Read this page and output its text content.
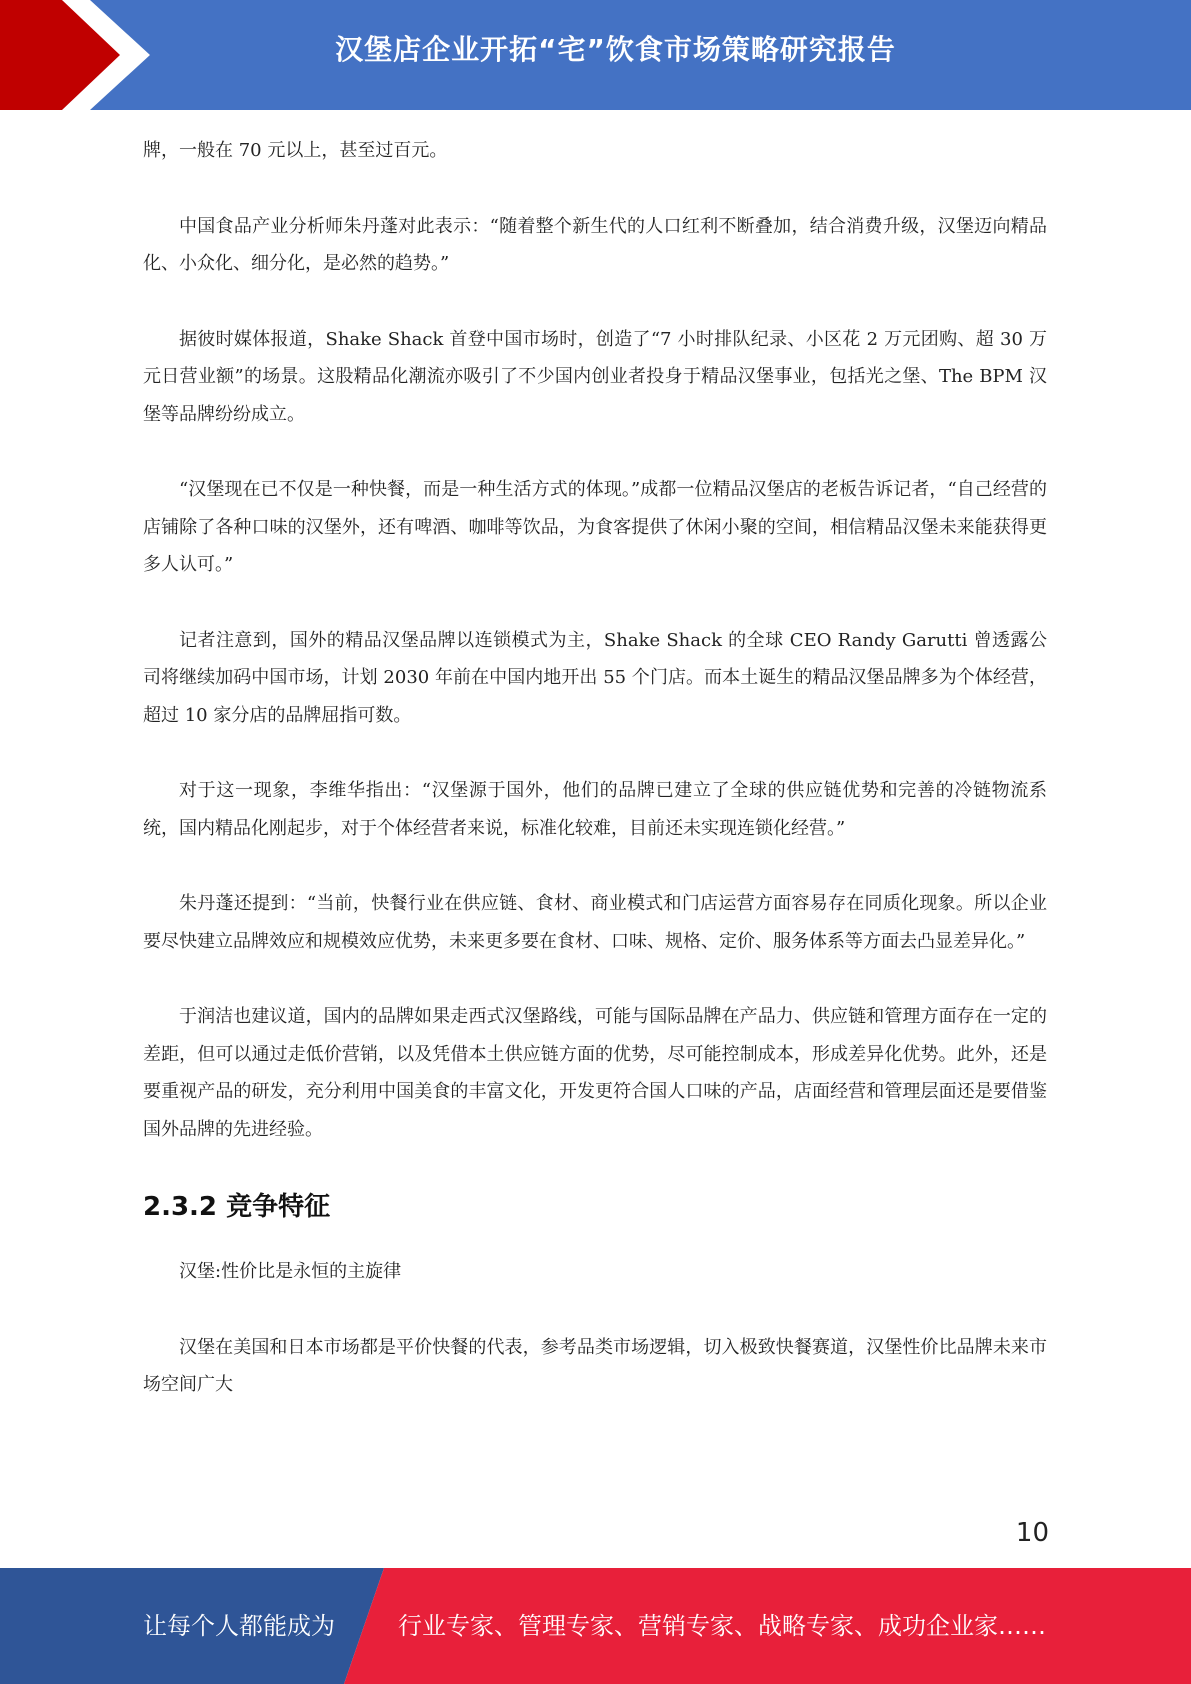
汉堡店企业开拓“宅”饮食市场策略研究报告

牌，一般在 70 元以上，甚至过百元。

中国食品产业分析师朱丹蓬对此表示：“随着整个新生代的人口红利不断叠加，结合消费升级，汉堡迈向精品化、小众化、细分化，是必然的趋势。”

据彼时媒体报道，Shake Shack 首登中国市场时，创造了“7 小时排队纪录、小区花 2 万元团购、超 30 万元日营业额”的场景。这股精品化潮流亦吸引了不少国内创业者投身于精品汉堡事业，包括光之堡、The BPM 汉堡等品牌纷纷成立。

“汉堡现在已不仅是一种快餐，而是一种生活方式的体现。”成都一位精品汉堡店的老板告诉记者，“自己经营的店铺除了各种口味的汉堡外，还有啤酒、咖啡等饮品，为食客提供了休闲小聚的空间，相信精品汉堡未来能获得更多人认可。”

记者注意到，国外的精品汉堡品牌以连锁模式为主，Shake Shack 的全球 CEO Randy Garutti 曾透露公司将继续加码中国市场，计划 2030 年前在中国内地开出 55 个门店。而本土诞生的精品汉堡品牌多为个体经营，超过 10 家分店的品牌屈指可数。

对于这一现象，李维华指出：“汉堡源于国外，他们的品牌已建立了全球的供应链优势和完善的冷链物流系统，国内精品化刚起步，对于个体经营者来说，标准化较难，目前还未实现连锁化经营。”

朱丹蓬还提到：“当前，快餐行业在供应链、食材、商业模式和门店运营方面容易存在同质化现象。所以企业要尽快建立品牌效应和规模效应优势，未来更多要在食材、口味、规格、定价、服务体系等方面去凸显差异化。”

于润洁也建议道，国内的品牌如果走西式汉堡路线，可能与国际品牌在产品力、供应链和管理方面存在一定的差距，但可以通过走低价营销，以及凭借本土供应链方面的优势，尽可能控制成本，形成差异化优势。此外，还是要重视产品的研发，充分利用中国美食的丰富文化，开发更符合国人口味的产品，店面经营和管理层面还是要借鉴国外品牌的先进经验。

2.3.2 竞争特征

汉堡:性价比是永恒的主旋律

汉堡在美国和日本市场都是平价快餐的代表，参考品类市场逻辑，切入极致快餐赛道，汉堡性价比品牌未来市场空间广大

10
让每个人都能成为	行业专家、管理专家、营销专家、战略专家、成功企业家……
